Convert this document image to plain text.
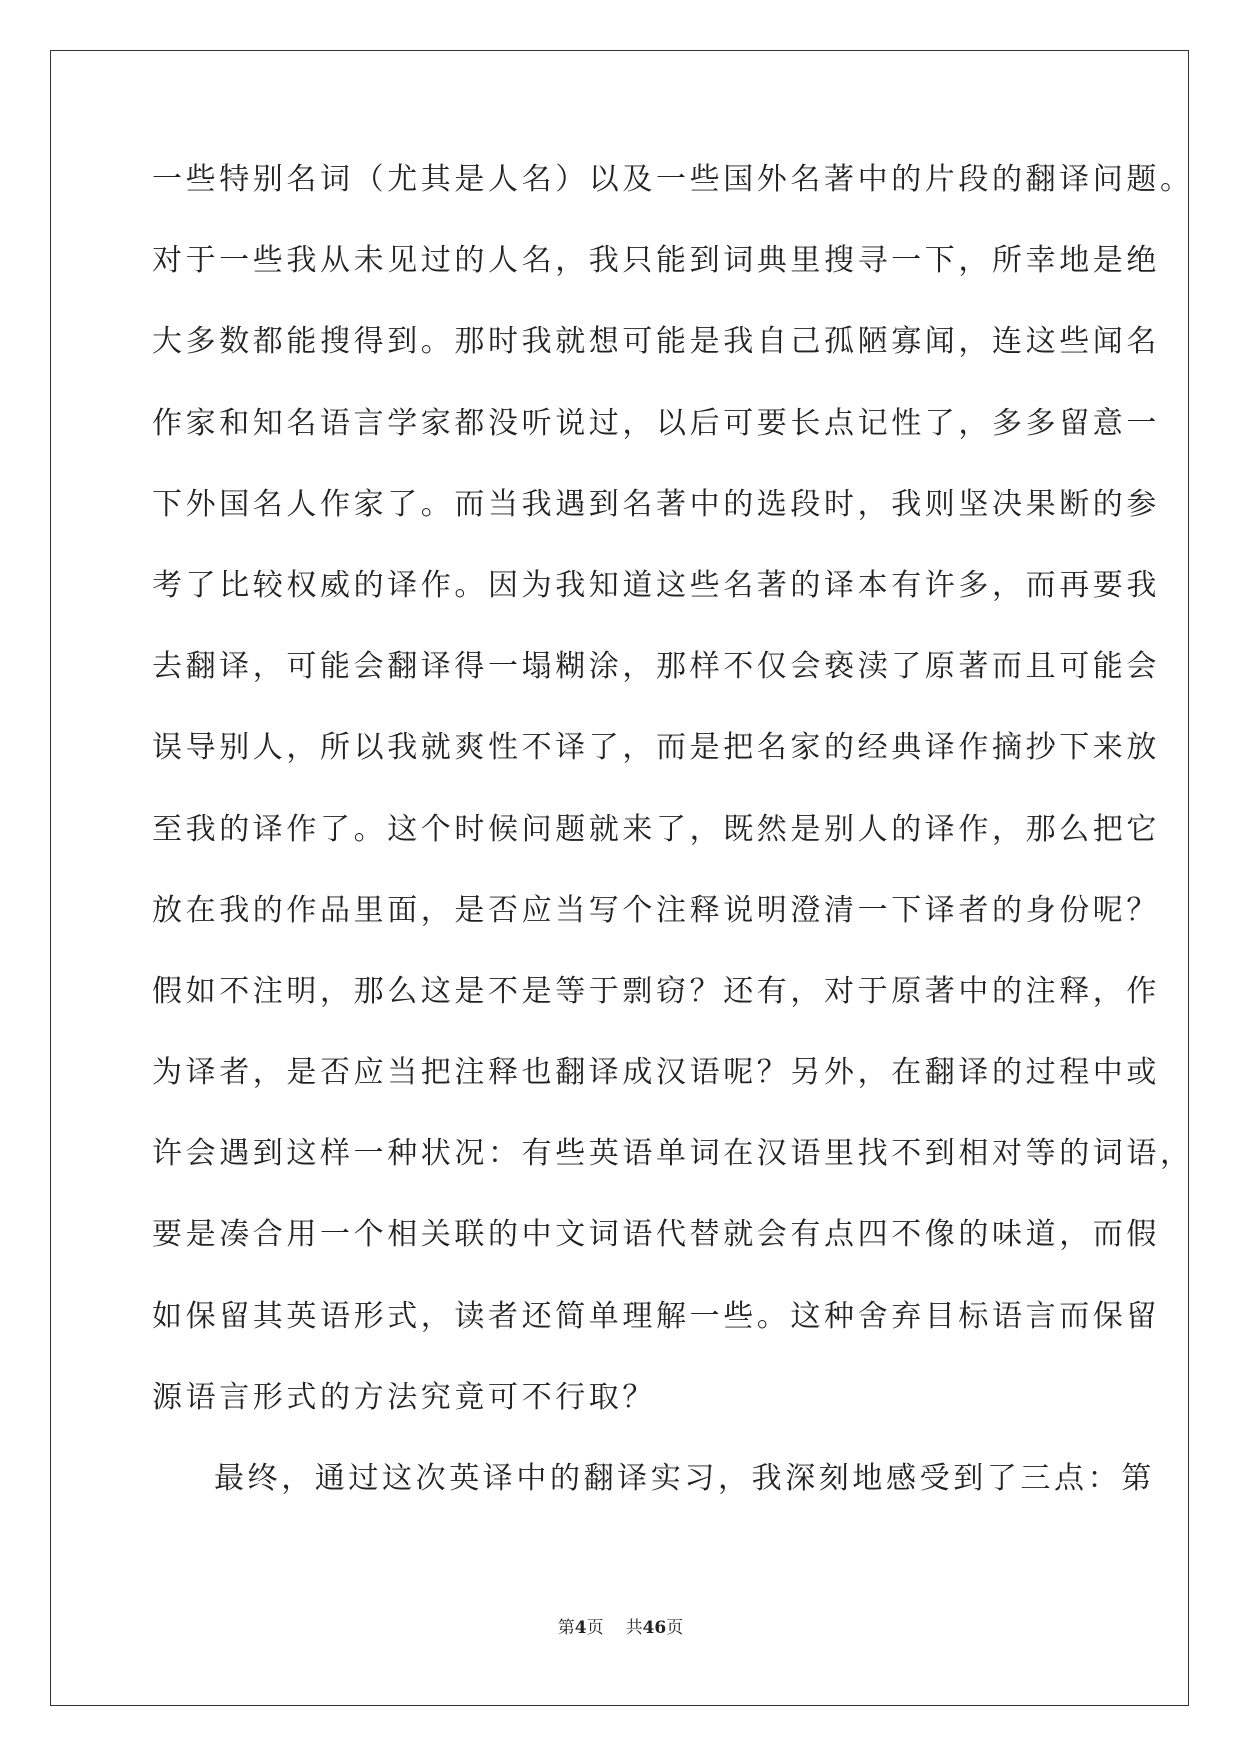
一些特别名词（尤其是人名）以及一些国外名著中的片段的翻译问题。
对于一些我从未见过的人名，我只能到词典里搜寻一下，所幸地是绝
大多数都能搜得到。那时我就想可能是我自己孤陋寡闻，连这些闻名
作家和知名语言学家都没听说过，以后可要长点记性了，多多留意一
下外国名人作家了。而当我遇到名著中的选段时，我则坚决果断的参
考了比较权威的译作。因为我知道这些名著的译本有许多，而再要我
去翻译，可能会翻译得一塌糊涂，那样不仅会亵渎了原著而且可能会
误导别人，所以我就爽性不译了，而是把名家的经典译作摘抄下来放
至我的译作了。这个时候问题就来了，既然是别人的译作，那么把它
放在我的作品里面，是否应当写个注释说明澄清一下译者的身份呢？
假如不注明，那么这是不是等于剽窃？还有，对于原著中的注释，作
为译者，是否应当把注释也翻译成汉语呢？另外，在翻译的过程中或
许会遇到这样一种状况：有些英语单词在汉语里找不到相对等的词语，
要是凑合用一个相关联的中文词语代替就会有点四不像的味道，而假
如保留其英语形式，读者还简单理解一些。这种舍弃目标语言而保留
源语言形式的方法究竟可不行取？
最终，通过这次英译中的翻译实习，我深刻地感受到了三点：第
第4页 共46页
